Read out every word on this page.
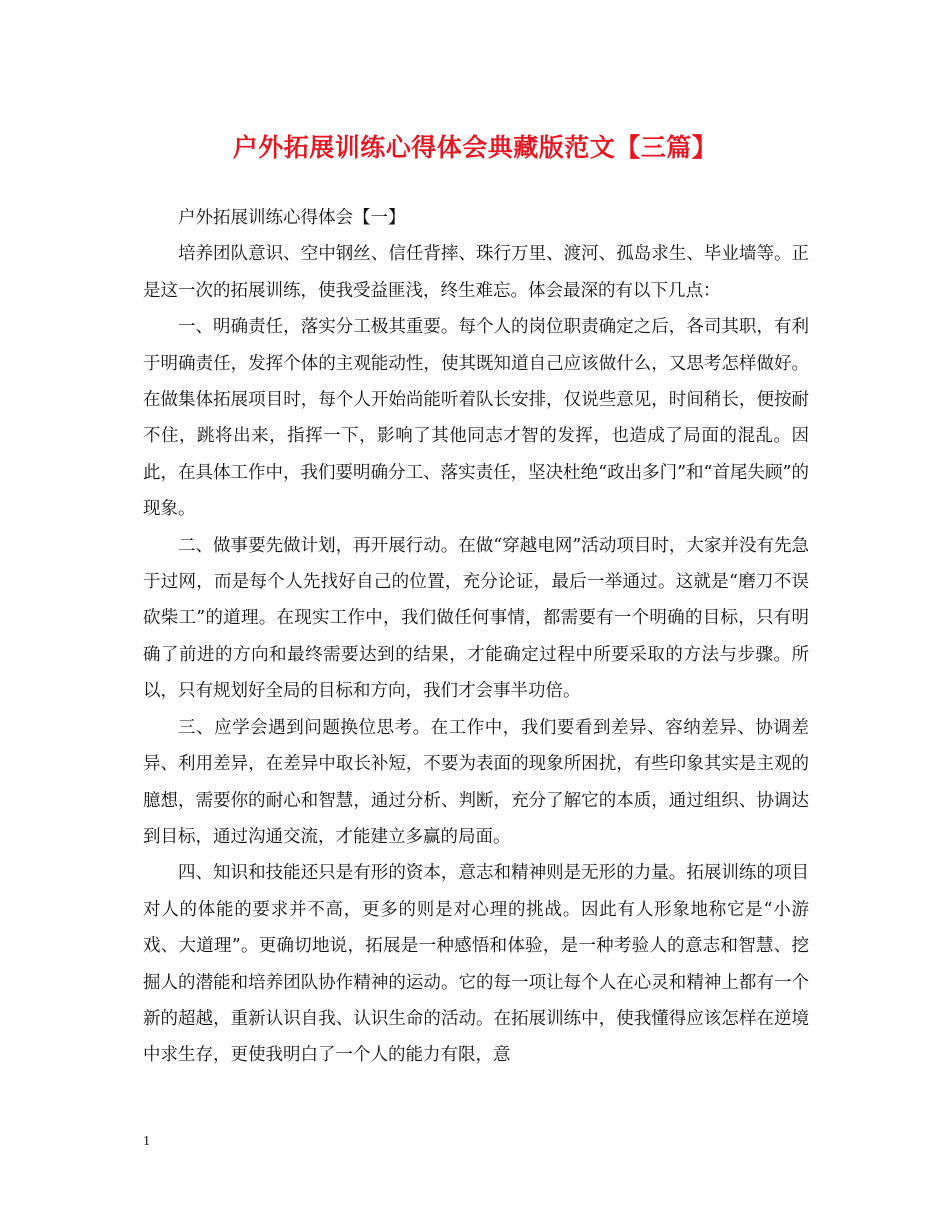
户外拓展训练心得体会典藏版范文【三篇】

户外拓展训练心得体会【一】

培养团队意识、空中钢丝、信任背摔、珠行万里、渡河、孤岛求生、毕业墙等。正是这一次的拓展训练，使我受益匪浅，终生难忘。体会最深的有以下几点：

一、明确责任，落实分工极其重要。每个人的岗位职责确定之后，各司其职，有利于明确责任，发挥个体的主观能动性，使其既知道自己应该做什么，又思考怎样做好。在做集体拓展项目时，每个人开始尚能听着队长安排，仅说些意见，时间稍长，便按耐不住，跳将出来，指挥一下，影响了其他同志才智的发挥，也造成了局面的混乱。因此，在具体工作中，我们要明确分工、落实责任，坚决杜绝“政出多门”和“首尾失顾”的现象。

二、做事要先做计划，再开展行动。在做“穿越电网”活动项目时，大家并没有先急于过网，而是每个人先找好自己的位置，充分论证，最后一举通过。这就是“磨刀不误砍柴工”的道理。在现实工作中，我们做任何事情，都需要有一个明确的目标，只有明确了前进的方向和最终需要达到的结果，才能确定过程中所要采取的方法与步骤。所以，只有规划好全局的目标和方向，我们才会事半功倍。

三、应学会遇到问题换位思考。在工作中，我们要看到差异、容纳差异、协调差异、利用差异，在差异中取长补短，不要为表面的现象所困扰，有些印象其实是主观的臆想，需要你的耐心和智慧，通过分析、判断，充分了解它的本质，通过组织、协调达到目标，通过沟通交流，才能建立多赢的局面。

四、知识和技能还只是有形的资本，意志和精神则是无形的力量。拓展训练的项目对人的体能的要求并不高，更多的则是对心理的挑战。因此有人形象地称它是“小游戏、大道理”。更确切地说，拓展是一种感悟和体验，是一种考验人的意志和智慧、挖掘人的潜能和培养团队协作精神的运动。它的每一项让每个人在心灵和精神上都有一个新的超越，重新认识自我、认识生命的活动。在拓展训练中，使我懂得应该怎样在逆境中求生存，更使我明白了一个人的能力有限，意

1
